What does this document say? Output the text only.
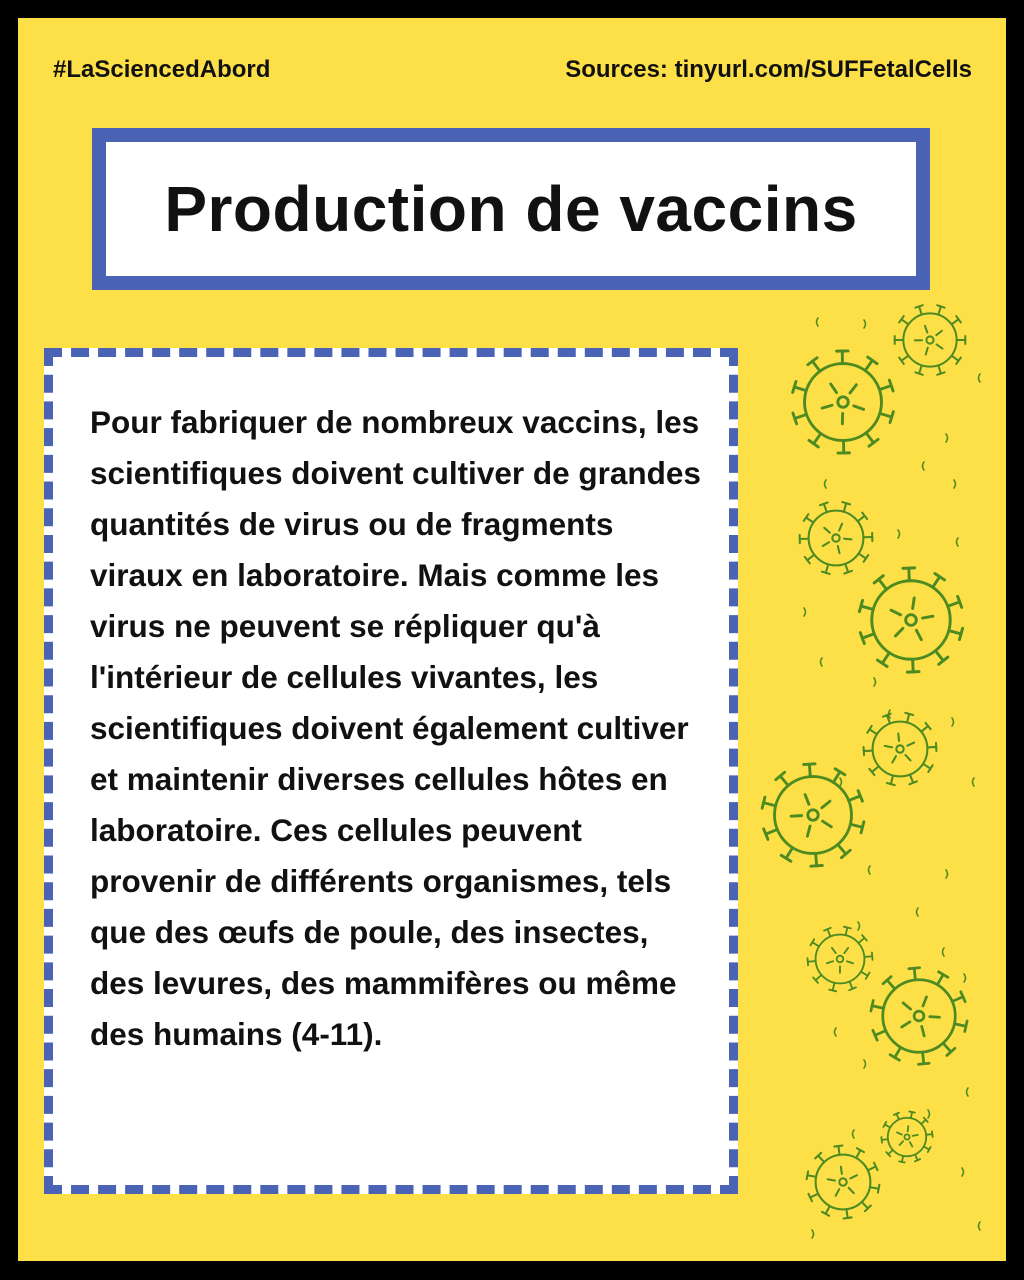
#LaSciencedAbord	Sources: tinyurl.com/SUFFetalCells
Production de vaccins

Pour fabriquer de nombreux vaccins, les scientifiques doivent cultiver de grandes quantités de virus ou de fragments viraux en laboratoire. Mais comme les virus ne peuvent se répliquer qu'à l'intérieur de cellules vivantes, les scientifiques doivent également cultiver et maintenir diverses cellules hôtes en laboratoire. Ces cellules peuvent provenir de différents organismes, tels que des œufs de poule, des insectes, des levures, des mammifères ou même des humains (4-11).
